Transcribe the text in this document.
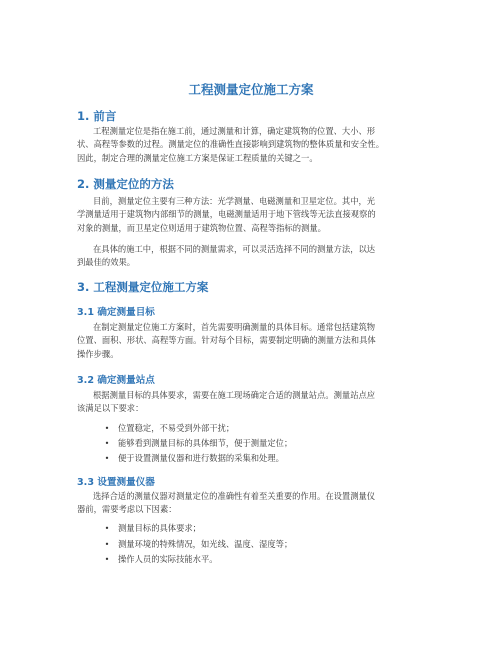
工程测量定位施工方案
1. 前言
工程测量定位是指在施工前，通过测量和计算，确定建筑物的位置、大小、形
状、高程等参数的过程。测量定位的准确性直接影响到建筑物的整体质量和安全性。
因此，制定合理的测量定位施工方案是保证工程质量的关键之一。
2. 测量定位的方法
目前，测量定位主要有三种方法：光学测量、电磁测量和卫星定位。其中，光
学测量适用于建筑物内部细节的测量，电磁测量适用于地下管线等无法直接观察的
对象的测量，而卫星定位则适用于建筑物位置、高程等指标的测量。
在具体的施工中，根据不同的测量需求，可以灵活选择不同的测量方法，以达
到最佳的效果。
3. 工程测量定位施工方案
3.1 确定测量目标
在制定测量定位施工方案时，首先需要明确测量的具体目标。通常包括建筑物
位置、面积、形状、高程等方面。针对每个目标，需要制定明确的测量方法和具体
操作步骤。
3.2 确定测量站点
根据测量目标的具体要求，需要在施工现场确定合适的测量站点。测量站点应
该满足以下要求：
•	位置稳定，不易受到外部干扰；
•	能够看到测量目标的具体细节，便于测量定位；
•	便于设置测量仪器和进行数据的采集和处理。
3.3 设置测量仪器
选择合适的测量仪器对测量定位的准确性有着至关重要的作用。在设置测量仪
器前，需要考虑以下因素：
•	测量目标的具体要求；
•	测量环境的特殊情况，如光线、温度、湿度等；
•	操作人员的实际技能水平。
